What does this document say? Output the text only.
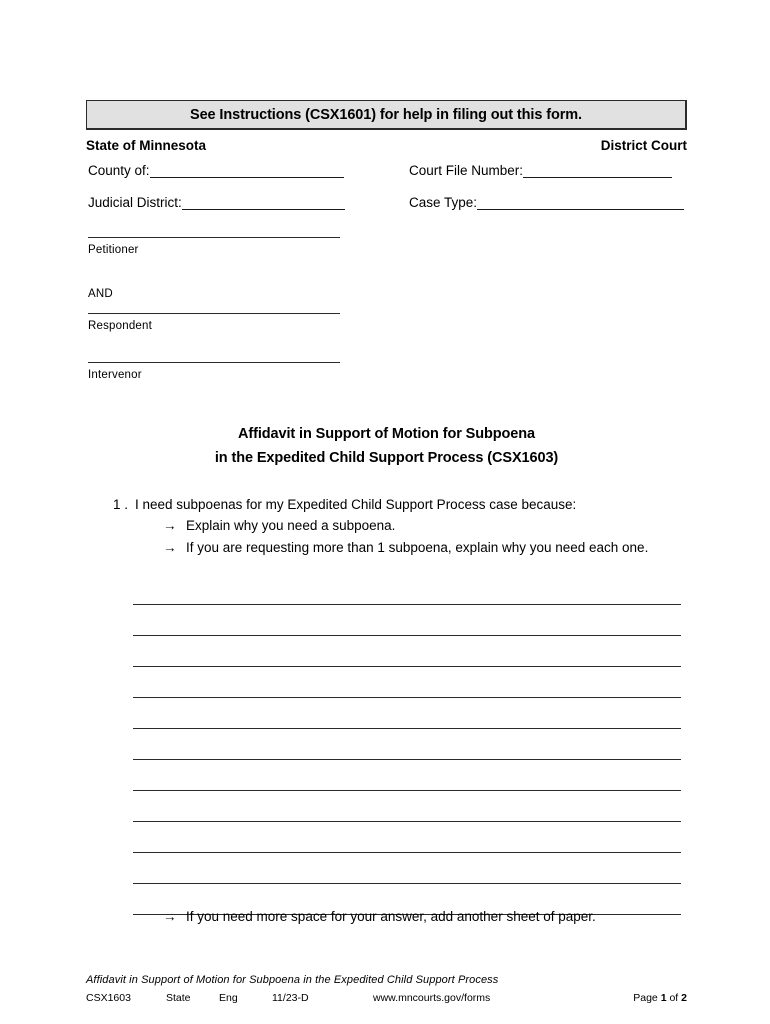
See Instructions (CSX1601) for help in filing out this form.
State of Minnesota	District Court
County of:
Judicial District:
Court File Number:
Case Type:
Petitioner
AND
Respondent
Intervenor
Affidavit in Support of Motion for Subpoena
in the Expedited Child Support Process (CSX1603)
1 . I need subpoenas for my Expedited Child Support Process case because:
→ Explain why you need a subpoena.
→ If you are requesting more than 1 subpoena, explain why you need each one.
→ If you need more space for your answer, add another sheet of paper.
Affidavit in Support of Motion for Subpoena in the Expedited Child Support Process
CSX1603	State	Eng	11/23-D	www.mncourts.gov/forms	Page 1 of 2
